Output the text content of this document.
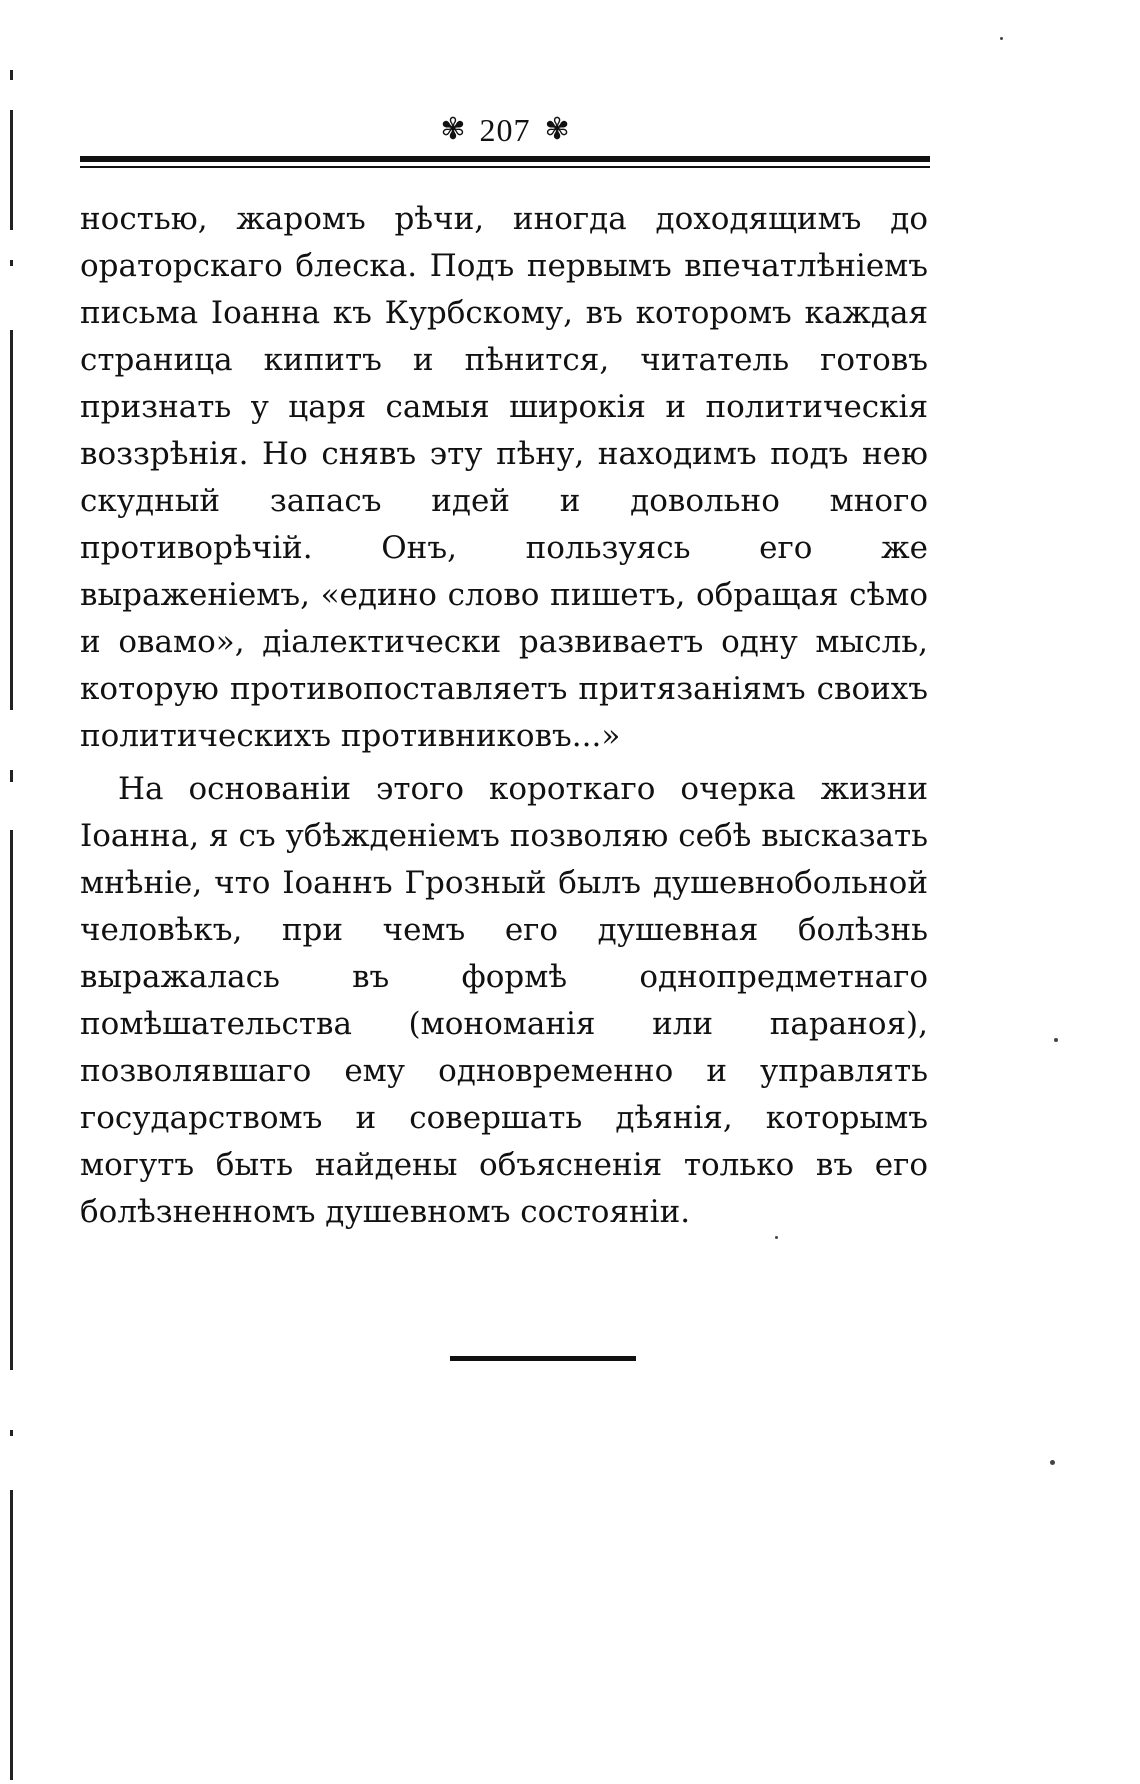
✾ 207 ✾

ностью, жаромъ рѣчи, иногда доходящимъ до ораторскаго блеска. Подъ первымъ впечатлѣніемъ письма Іоанна къ Курбскому, въ которомъ каждая страница кипитъ и пѣнится, читатель готовъ признать у царя самыя широкія и политическія воззрѣнія. Но снявъ эту пѣну, находимъ подъ нею скудный запасъ идей и довольно много противорѣчій. Онъ, пользуясь его же выраженіемъ, «едино слово пишетъ, обращая сѣмо и овамо», діалектически развиваетъ одну мысль, которую противопоставляетъ притязаніямъ своихъ политическихъ противниковъ...»

На основаніи этого короткаго очерка жизни Іоанна, я съ убѣжденіемъ позволяю себѣ высказать мнѣніе, что Іоаннъ Грозный былъ душевнобольной человѣкъ, при чемъ его душевная болѣзнь выражалась въ формѣ однопредметнаго помѣшательства (мономанія или параноя), позволявшаго ему одновременно и управлять государствомъ и совершать дѣянія, которымъ могутъ быть найдены объясненія только въ его болѣзненномъ душевномъ состояніи.
